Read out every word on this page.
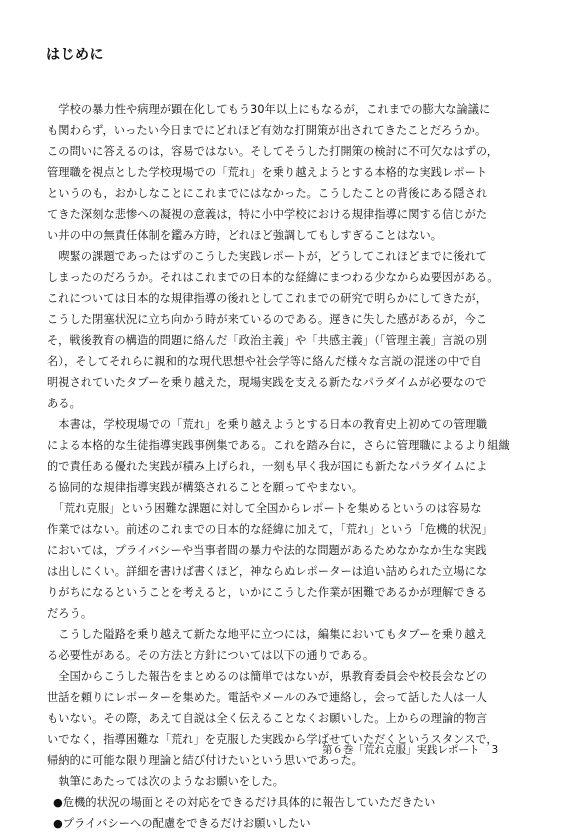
はじめに
　学校の暴力性や病理が顕在化してもう30年以上にもなるが，これまでの膨大な論議に
も関わらず，いったい今日までにどれほど有効な打開策が出されてきたことだろうか。
この問いに答えるのは，容易ではない。そしてそうした打開策の検討に不可欠なはずの，
管理職を視点とした学校現場での「荒れ」を乗り越えようとする本格的な実践レポート
というのも，おかしなことにこれまでにはなかった。こうしたことの背後にある隠され
てきた深刻な悲惨への凝視の意義は，特に小中学校における規律指導に関する信じがた
い井の中の無責任体制を鑑み方時，どれほど強調してもしすぎることはない。
　喫緊の課題であったはずのこうした実践レポートが，どうしてこれほどまでに後れて
しまったのだろうか。それはこれまでの日本的な経緯にまつわる少なからぬ要因がある。
これについては日本的な規律指導の後れとしてこれまでの研究で明らかにしてきたが，
こうした閉塞状況に立ち向かう時が来ているのである。遅きに失した感があるが，今こ
そ，戦後教育の構造的問題に絡んだ「政治主義」や「共感主義」（「管理主義」言説の別
名），そしてそれらに親和的な現代思想や社会学等に絡んだ様々な言説の混迷の中で自
明視されていたタブーを乗り越えた，現場実践を支える新たなパラダイムが必要なので
ある。
　本書は，学校現場での「荒れ」を乗り越えようとする日本の教育史上初めての管理職
による本格的な生徒指導実践事例集である。これを踏み台に，さらに管理職によるより組織
的で責任ある優れた実践が積み上げられ，一刻も早く我が国にも新たなパラダイムによ
る協同的な規律指導実践が構築されることを願ってやまない。
　「荒れ克服」という困難な課題に対して全国からレポートを集めるというのは容易な
作業ではない。前述のこれまでの日本的な経緯に加えて，「荒れ」という「危機的状況」
においては，プライバシーや当事者間の暴力や法的な問題があるためなかなか生な実践
は出しにくい。詳細を書けば書くほど，神ならぬレポーターは追い詰められた立場にな
りがちになるということを考えると，いかにこうした作業が困難であるかが理解できる
だろう。
　こうした隘路を乗り越えて新たな地平に立つには，編集においてもタブーを乗り越え
る必要性がある。その方法と方針については以下の通りである。
　全国からこうした報告をまとめるのは簡単ではないが，県教育委員会や校長会などの
世話を頼りにレポーターを集めた。電話やメールのみで連絡し，会って話した人は一人
もいない。その際，あえて自説は全く伝えることなくお願いした。上からの理論的物言
いでなく，指導困難な「荒れ」を克服した実践から学ばせていただくというスタンスで，
帰納的に可能な限り理論と結び付けたいという思いであった。
　執筆にあたっては次のようなお願いをした。
●危機的状況の場面とその対応をできるだけ具体的に報告していただきたい
●プライバシーへの配慮をできるだけお願いしたい
第６巻「荒れ克服」実践レポート 3
